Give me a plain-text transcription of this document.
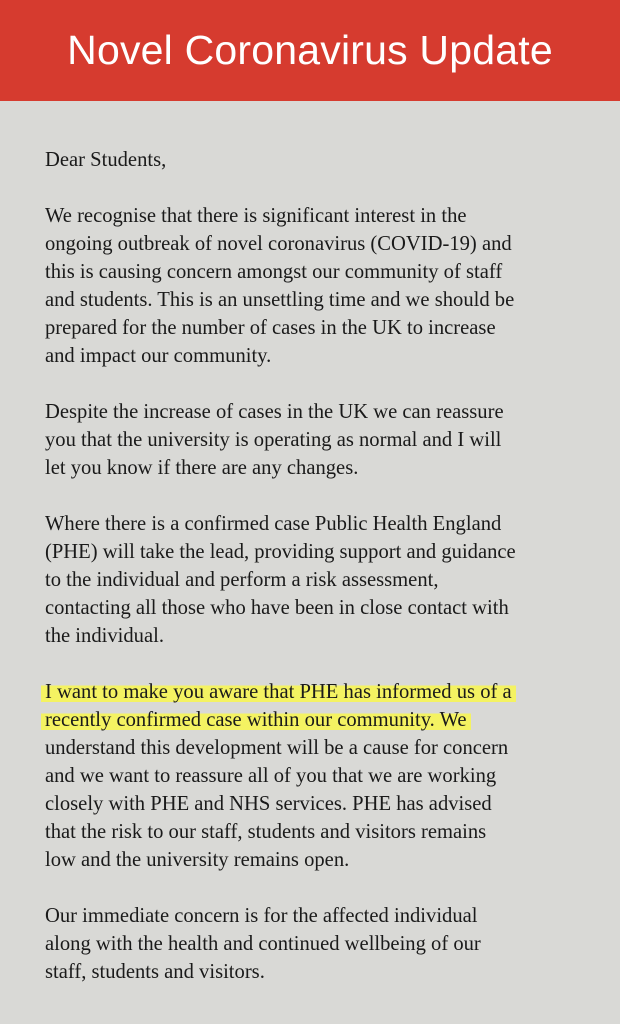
Novel Coronavirus Update
Dear Students,
We recognise that there is significant interest in the
ongoing outbreak of novel coronavirus (COVID-19) and
this is causing concern amongst our community of staff
and students. This is an unsettling time and we should be
prepared for the number of cases in the UK to increase
and impact our community.
Despite the increase of cases in the UK we can reassure
you that the university is operating as normal and I will
let you know if there are any changes.
Where there is a confirmed case Public Health England
(PHE) will take the lead, providing support and guidance
to the individual and perform a risk assessment,
contacting all those who have been in close contact with
the individual.
I want to make you aware that PHE has informed us of a
recently confirmed case within our community. We
understand this development will be a cause for concern
and we want to reassure all of you that we are working
closely with PHE and NHS services. PHE has advised
that the risk to our staff, students and visitors remains
low and the university remains open.
Our immediate concern is for the affected individual
along with the health and continued wellbeing of our
staff, students and visitors.
